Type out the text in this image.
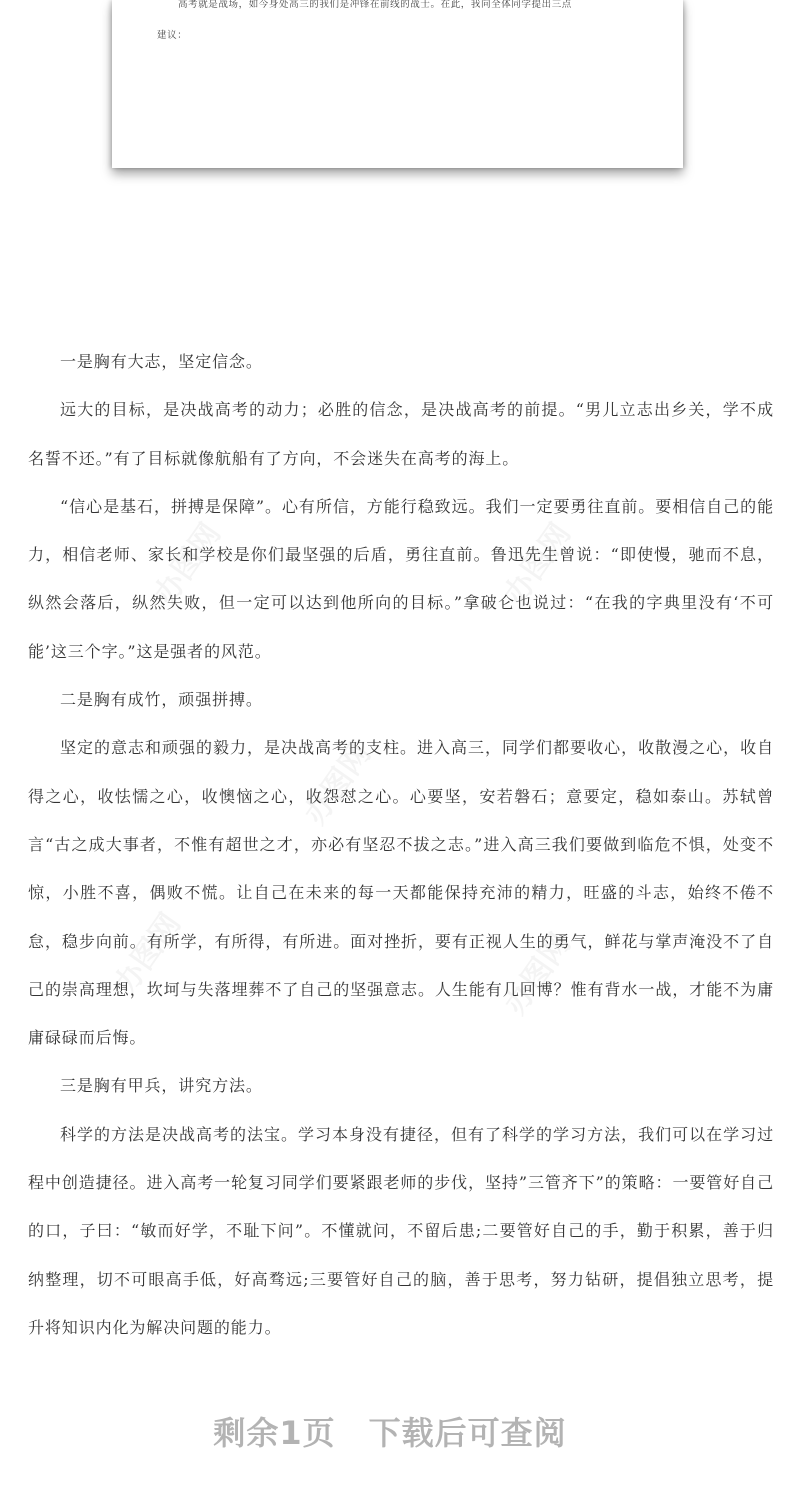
高考就是战场，如今身处高三的我们是冲锋在前线的战士。在此，我向全体同学提出三点
建议：

一是胸有大志，坚定信念。

远大的目标，是决战高考的动力；必胜的信念，是决战高考的前提。“男儿立志出乡关，学不成名誓不还。”有了目标就像航船有了方向，不会迷失在高考的海上。

“信心是基石，拼搏是保障”。心有所信，方能行稳致远。我们一定要勇往直前。要相信自己的能力，相信老师、家长和学校是你们最坚强的后盾，勇往直前。鲁迅先生曾说：“即使慢，驰而不息，纵然会落后，纵然失败，但一定可以达到他所向的目标。”拿破仑也说过：“在我的字典里没有‘不可能’这三个字。”这是强者的风范。

二是胸有成竹，顽强拼搏。

坚定的意志和顽强的毅力，是决战高考的支柱。进入高三，同学们都要收心，收散漫之心，收自得之心，收怯懦之心，收懊恼之心，收怨怼之心。心要坚，安若磐石；意要定，稳如泰山。苏轼曾言“古之成大事者，不惟有超世之才，亦必有坚忍不拔之志。”进入高三我们要做到临危不惧，处变不惊，小胜不喜，偶败不慌。让自己在未来的每一天都能保持充沛的精力，旺盛的斗志，始终不倦不怠，稳步向前。有所学，有所得，有所进。面对挫折，要有正视人生的勇气，鲜花与掌声淹没不了自己的崇高理想，坎坷与失落埋葬不了自己的坚强意志。人生能有几回博？惟有背水一战，才能不为庸庸碌碌而后悔。

三是胸有甲兵，讲究方法。

科学的方法是决战高考的法宝。学习本身没有捷径，但有了科学的学习方法，我们可以在学习过程中创造捷径。进入高考一轮复习同学们要紧跟老师的步伐，坚持”三管齐下”的策略：一要管好自己的口，子曰：“敏而好学，不耻下问”。不懂就问，不留后患;二要管好自己的手，勤于积累，善于归纳整理，切不可眼高手低，好高骛远;三要管好自己的脑，善于思考，努力钻研，提倡独立思考，提升将知识内化为解决问题的能力。

剩余1页　下载后可查阅
